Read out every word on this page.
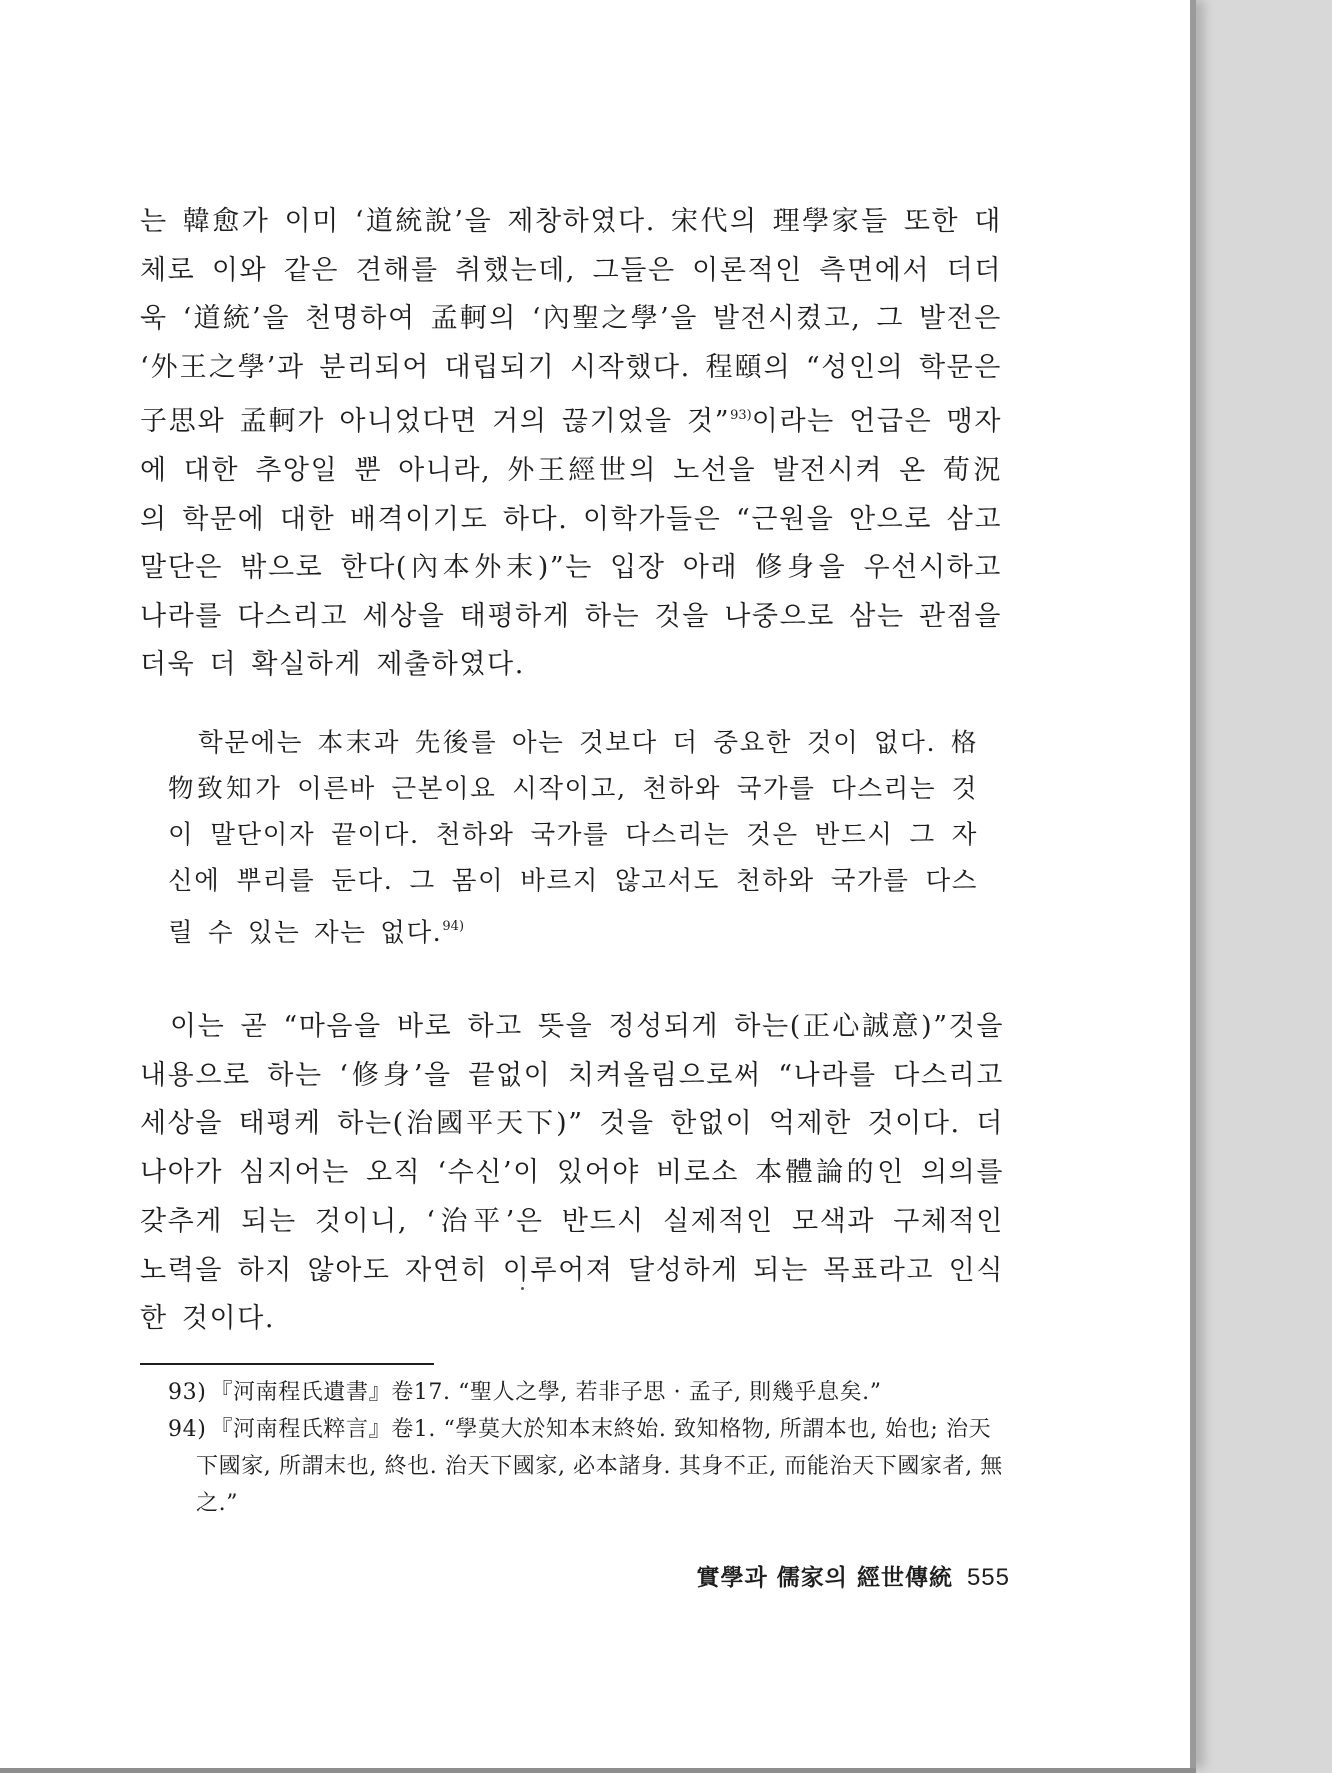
는 韓愈가 이미 ‘道統說’을 제창하였다. 宋代의 理學家들 또한 대체로 이와 같은 견해를 취했는데, 그들은 이론적인 측면에서 더더욱 ‘道統’을 천명하여 孟軻의 ‘內聖之學’을 발전시켰고, 그 발전은 ‘外王之學’과 분리되어 대립되기 시작했다. 程頤의 “성인의 학문은 子思와 孟軻가 아니었다면 거의 끊기었을 것”$^{93)}$이라는 언급은 맹자에 대한 추앙일 뿐 아니라, 外王經世의 노선을 발전시켜 온 荀況의 학문에 대한 배격이기도 하다. 이학가들은 “근원을 안으로 삼고 말단은 밖으로 한다(內本外末)”는 입장 아래 修身을 우선시하고 나라를 다스리고 세상을 태평하게 하는 것을 나중으로 삼는 관점을 더욱 더 확실하게 제출하였다.

학문에는 本末과 先後를 아는 것보다 더 중요한 것이 없다. 格物致知가 이른바 근본이요 시작이고, 천하와 국가를 다스리는 것이 말단이자 끝이다. 천하와 국가를 다스리는 것은 반드시 그 자신에 뿌리를 둔다. 그 몸이 바르지 않고서도 천하와 국가를 다스릴 수 있는 자는 없다.$^{94)}$

이는 곧 “마음을 바로 하고 뜻을 정성되게 하는(正心誠意)”것을 내용으로 하는 ‘修身’을 끝없이 치켜올림으로써 “나라를 다스리고 세상을 태평케 하는(治國平天下)” 것을 한없이 억제한 것이다. 더 나아가 심지어는 오직 ‘수신’이 있어야 비로소 本體論的인 의의를 갖추게 되는 것이니, ‘治平’은 반드시 실제적인 모색과 구체적인 노력을 하지 않아도 자연히 이루어져 달성하게 되는 목표라고 인식한 것이다.

93) 『河南程氏遺書』卷17. “聖人之學, 若非子思 · 孟子, 則幾乎息矣.”
94) 『河南程氏粹言』卷1. “學莫大於知本末終始. 致知格物, 所謂本也, 始也; 治天下國家, 所謂末也, 終也. 治天下國家, 必本諸身. 其身不正, 而能治天下國家者, 無之.”
實學과 儒家의 經世傳統 555
